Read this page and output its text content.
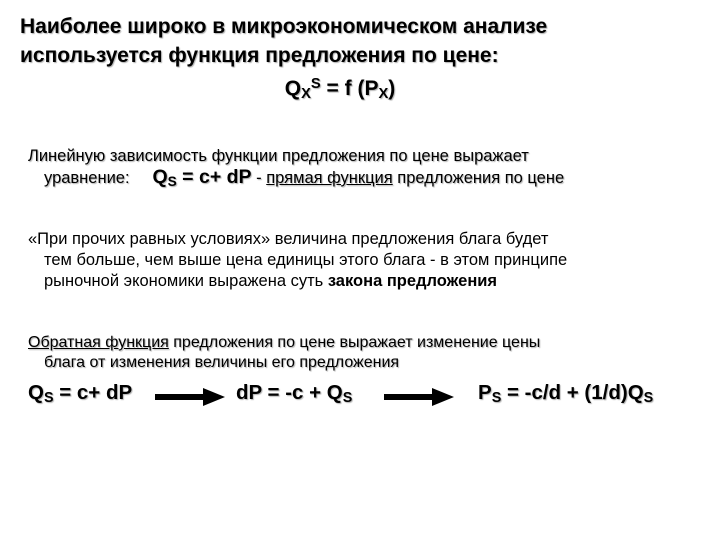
Наиболее широко в микроэкономическом анализе
используется функция предложения по цене:
$Q_X^S = f$ $(P_X)$
Линейную зависимость функции предложения по цене выражает
уравнение: $Q_S = c+$ dP - прямая функция предложения по цене
«При прочих равных условиях» величина предложения блага будет
тем больше, чем выше цена единицы этого блага - в этом принципе
рыночной экономики выражена суть закона предложения
Обратная функция предложения по цене выражает изменение цены
блага от изменения величины его предложения
$Q_S = c+$ dP	dP = $-c + Q_S$	$P_S = -c/d + (1/d)Q_S$
